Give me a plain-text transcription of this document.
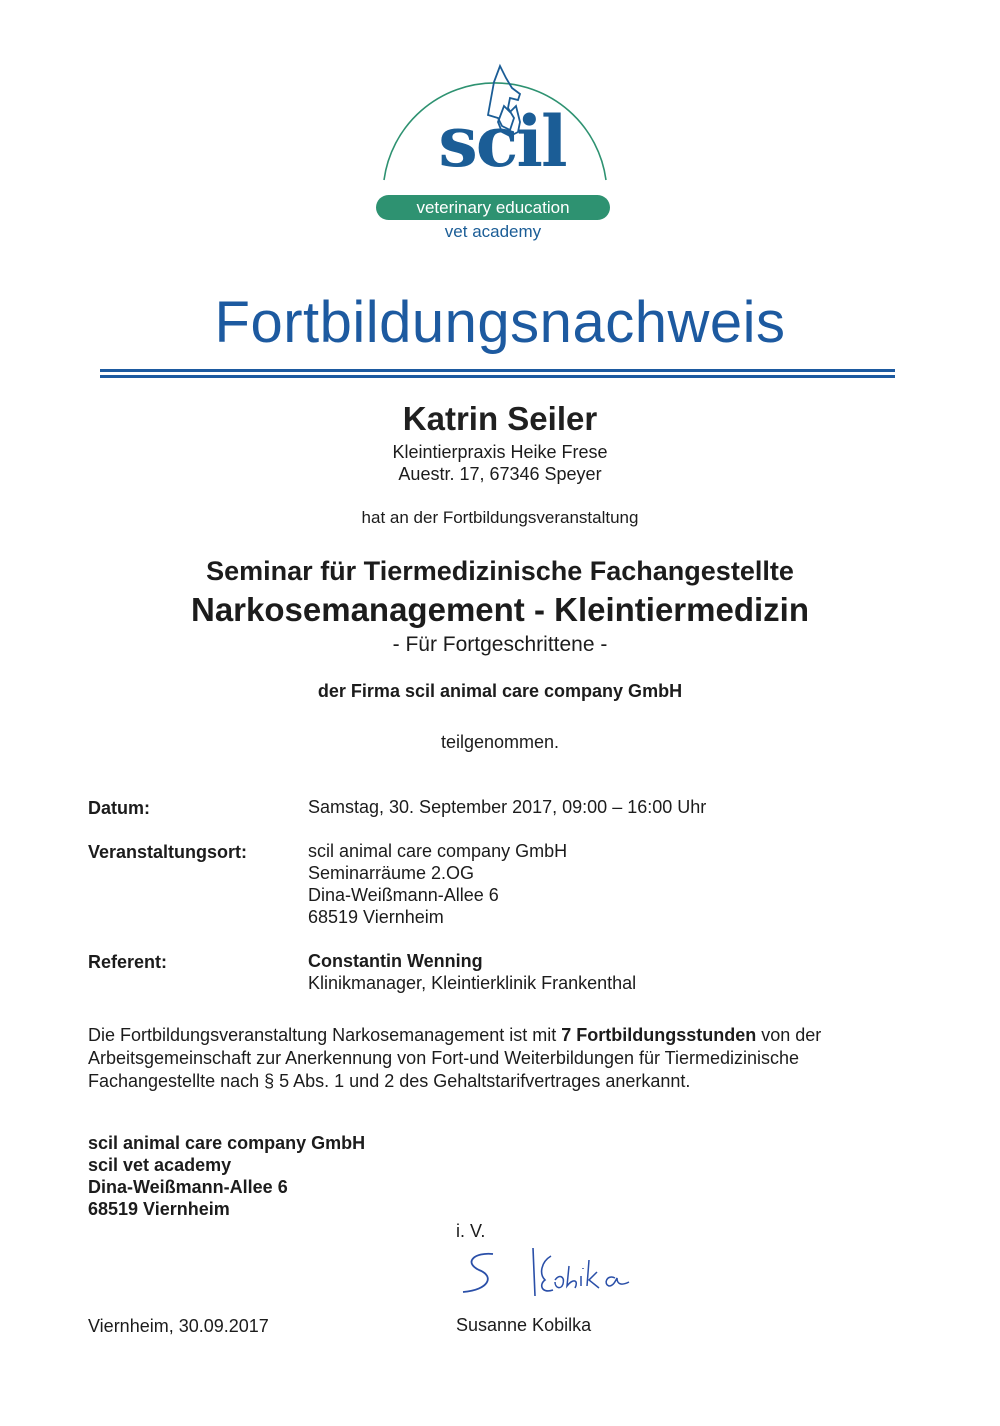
scil
veterinary education
vet academy
Fortbildungsnachweis
Katrin Seiler
Kleintierpraxis Heike Frese
Auestr. 17, 67346 Speyer
hat an der Fortbildungsveranstaltung
Seminar für Tiermedizinische Fachangestellte
Narkosemanagement - Kleintiermedizin
- Für Fortgeschrittene -
der Firma scil animal care company GmbH
teilgenommen.
Datum:	Samstag, 30. September 2017, 09:00 – 16:00 Uhr
Veranstaltungsort:	scil animal care company GmbH
Seminarräume 2.OG
Dina-Weißmann-Allee 6
68519 Viernheim
Referent:	Constantin Wenning
Klinikmanager, Kleintierklinik Frankenthal
Die Fortbildungsveranstaltung Narkosemanagement ist mit 7 Fortbildungsstunden von der Arbeitsgemeinschaft zur Anerkennung von Fort-und Weiterbildungen für Tiermedizinische Fachangestellte nach § 5 Abs. 1 und 2 des Gehaltstarifvertrages anerkannt.
scil animal care company GmbH
scil vet academy
Dina-Weißmann-Allee 6
68519 Viernheim
i. V.
Susanne Kobilka
Viernheim, 30.09.2017
